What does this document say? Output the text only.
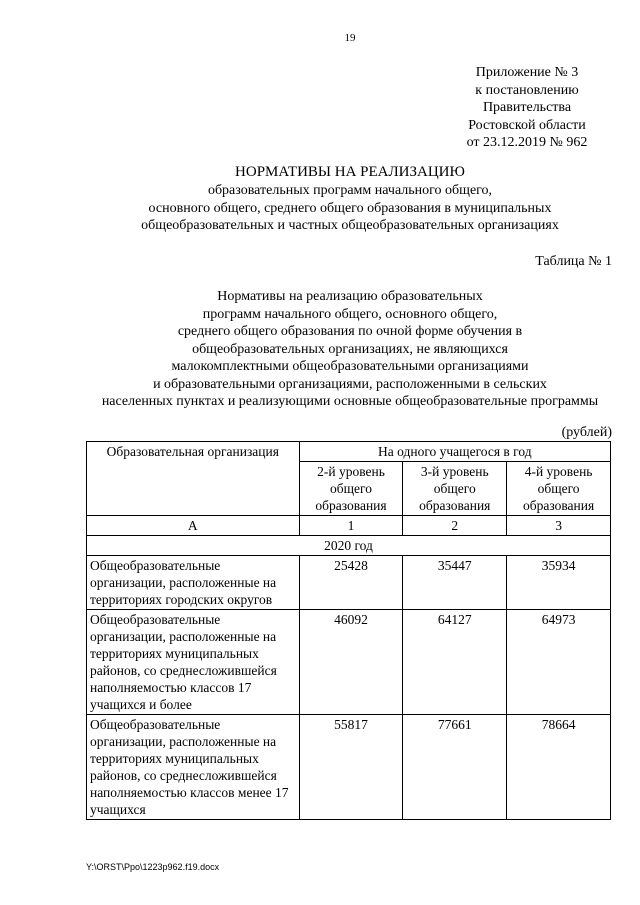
19
Приложение № 3
к постановлению
Правительства
Ростовской области
от 23.12.2019 № 962
НОРМАТИВЫ НА РЕАЛИЗАЦИЮ
образовательных программ начального общего,
основного общего, среднего общего образования в муниципальных
общеобразовательных и частных общеобразовательных организациях
Таблица № 1
Нормативы на реализацию образовательных
программ начального общего, основного общего,
среднего общего образования по очной форме обучения в
общеобразовательных организациях, не являющихся
малокомплектными общеобразовательными организациями
и образовательными организациями, расположенными в сельских
населенных пунктах и реализующими основные общеобразовательные программы
(рублей)
Образовательная организация	На одного учащегося в год		
	2-й уровень общего образования	3-й уровень общего образования	4-й уровень общего образования
А	1	2	3
2020 год			
Общеобразовательные организации, расположенные на территориях городских округов	25428	35447	35934
Общеобразовательные организации, расположенные на территориях муниципальных районов, со среднесложившейся наполняемостью классов 17 учащихся и более	46092	64127	64973
Общеобразовательные организации, расположенные на территориях муниципальных районов, со среднесложившейся наполняемостью классов менее 17 учащихся	55817	77661	78664
Y:\ORST\Ppo\1223p962.f19.docx
